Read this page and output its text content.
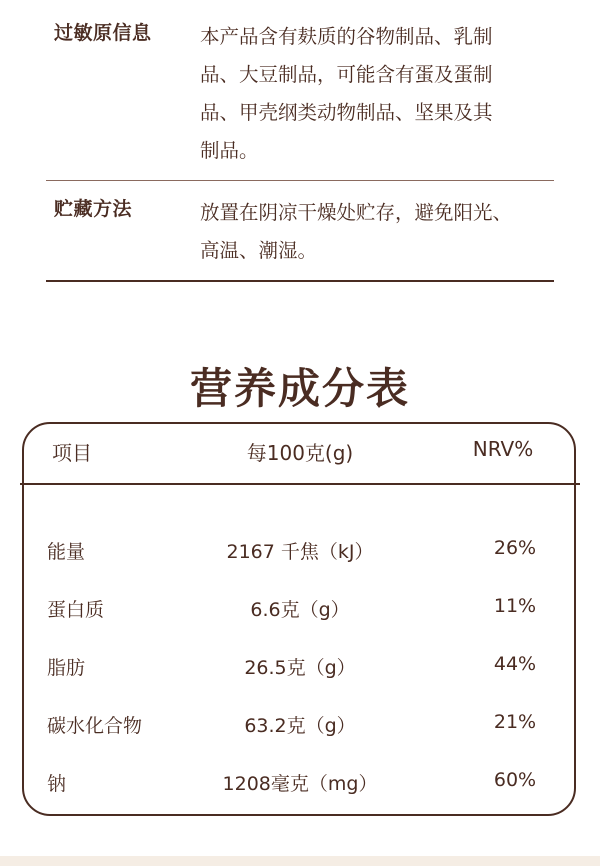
过敏原信息 本产品含有麸质的谷物制品、乳制
品、大豆制品，可能含有蛋及蛋制
品、甲壳纲类动物制品、坚果及其
制品。
贮藏方法	放置在阴凉干燥处贮存，避免阳光、
高温、潮湿。
营养成分表
项目	每100克(g)	NRV%
能量	2167 千焦（kJ）	26%
蛋白质	6.6克（g）	11%
脂肪	26.5克（g）	44%
碳水化合物	63.2克（g）	21%
钠	1208毫克（mg）	60%
